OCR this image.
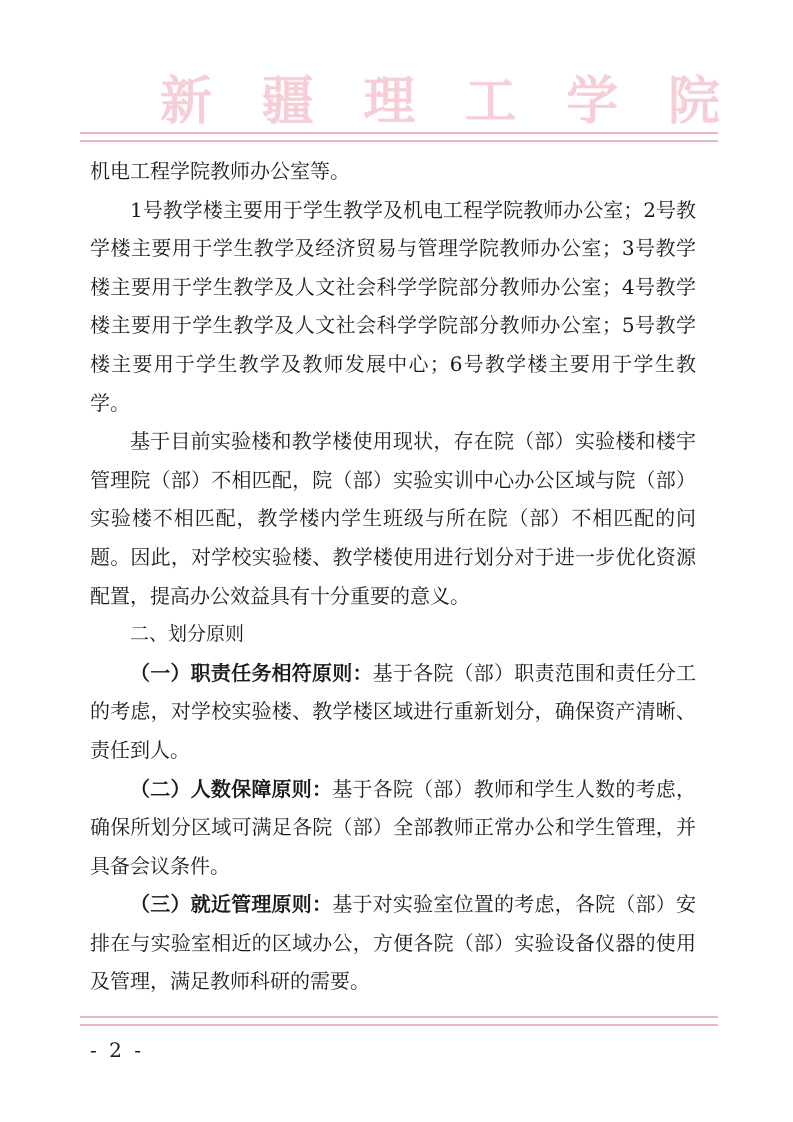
新 疆 理 工 学 院

机电工程学院教师办公室等。

1号教学楼主要用于学生教学及机电工程学院教师办公室；2号教学楼主要用于学生教学及经济贸易与管理学院教师办公室；3号教学楼主要用于学生教学及人文社会科学学院部分教师办公室；4号教学楼主要用于学生教学及人文社会科学学院部分教师办公室；5号教学楼主要用于学生教学及教师发展中心；6号教学楼主要用于学生教学。

基于目前实验楼和教学楼使用现状，存在院（部）实验楼和楼宇管理院（部）不相匹配，院（部）实验实训中心办公区域与院（部）实验楼不相匹配，教学楼内学生班级与所在院（部）不相匹配的问题。因此，对学校实验楼、教学楼使用进行划分对于进一步优化资源配置，提高办公效益具有十分重要的意义。

二、划分原则

（一）职责任务相符原则：基于各院（部）职责范围和责任分工的考虑，对学校实验楼、教学楼区域进行重新划分，确保资产清晰、责任到人。

（二）人数保障原则：基于各院（部）教师和学生人数的考虑，确保所划分区域可满足各院（部）全部教师正常办公和学生管理，并具备会议条件。

（三）就近管理原则：基于对实验室位置的考虑，各院（部）安排在与实验室相近的区域办公，方便各院（部）实验设备仪器的使用及管理，满足教师科研的需要。

- 2 -
